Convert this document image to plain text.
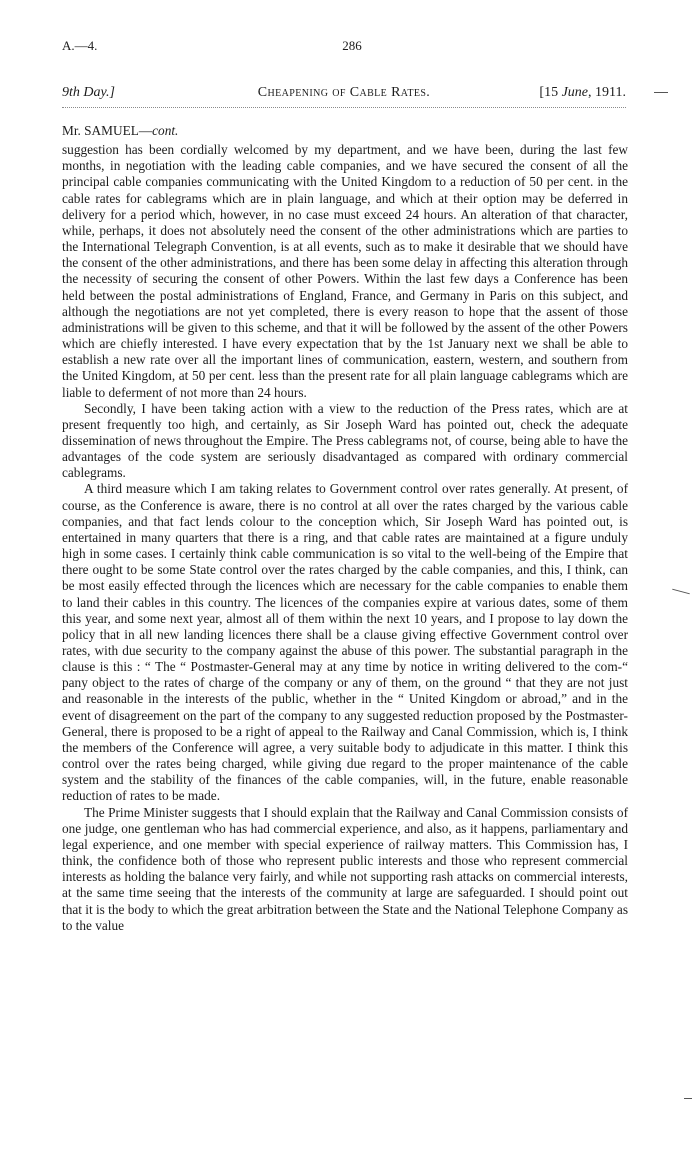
A.—4.	286
9th Day.]	Cheapening of Cable Rates.	[15 June, 1911.
Mr. SAMUEL—cont.

suggestion has been cordially welcomed by my department, and we have been, during the last few months, in negotiation with the leading cable companies, and we have secured the consent of all the principal cable companies communicating with the United Kingdom to a reduction of 50 per cent. in the cable rates for cablegrams which are in plain language, and which at their option may be deferred in delivery for a period which, however, in no case must exceed 24 hours. An alteration of that character, while, perhaps, it does not absolutely need the consent of the other administrations which are parties to the International Telegraph Convention, is at all events, such as to make it desirable that we should have the consent of the other administrations, and there has been some delay in affecting this alteration through the necessity of securing the consent of other Powers. Within the last few days a Conference has been held between the postal administrations of England, France, and Germany in Paris on this subject, and although the negotiations are not yet completed, there is every reason to hope that the assent of those administrations will be given to this scheme, and that it will be followed by the assent of the other Powers which are chiefly interested. I have every expectation that by the 1st January next we shall be able to establish a new rate over all the important lines of communication, eastern, western, and southern from the United Kingdom, at 50 per cent. less than the present rate for all plain language cablegrams which are liable to deferment of not more than 24 hours.

Secondly, I have been taking action with a view to the reduction of the Press rates, which are at present frequently too high, and certainly, as Sir Joseph Ward has pointed out, check the adequate dissemination of news throughout the Empire. The Press cablegrams not, of course, being able to have the advantages of the code system are seriously disadvantaged as compared with ordinary commercial cablegrams.

A third measure which I am taking relates to Government control over rates generally. At present, of course, as the Conference is aware, there is no control at all over the rates charged by the various cable companies, and that fact lends colour to the conception which, Sir Joseph Ward has pointed out, is entertained in many quarters that there is a ring, and that cable rates are maintained at a figure unduly high in some cases. I certainly think cable communication is so vital to the well-being of the Empire that there ought to be some State control over the rates charged by the cable companies, and this, I think, can be most easily effected through the licences which are necessary for the cable companies to enable them to land their cables in this country. The licences of the companies expire at various dates, some of them this year, and some next year, almost all of them within the next 10 years, and I propose to lay down the policy that in all new landing licences there shall be a clause giving effective Government control over rates, with due security to the company against the abuse of this power. The substantial paragraph in the clause is this : “ The “ Postmaster-General may at any time by notice in writing delivered to the com-“ pany object to the rates of charge of the company or any of them, on the ground “ that they are not just and reasonable in the interests of the public, whether in the “ United Kingdom or abroad,” and in the event of disagreement on the part of the company to any suggested reduction proposed by the Postmaster-General, there is proposed to be a right of appeal to the Railway and Canal Commission, which is, I think the members of the Conference will agree, a very suitable body to adjudicate in this matter. I think this control over the rates being charged, while giving due regard to the proper maintenance of the cable system and the stability of the finances of the cable companies, will, in the future, enable reasonable reduction of rates to be made.

The Prime Minister suggests that I should explain that the Railway and Canal Commission consists of one judge, one gentleman who has had commercial experience, and also, as it happens, parliamentary and legal experience, and one member with special experience of railway matters. This Commission has, I think, the confidence both of those who represent public interests and those who represent commercial interests as holding the balance very fairly, and while not supporting rash attacks on commercial interests, at the same time seeing that the interests of the community at large are safeguarded. I should point out that it is the body to which the great arbitration between the State and the National Telephone Company as to the value
